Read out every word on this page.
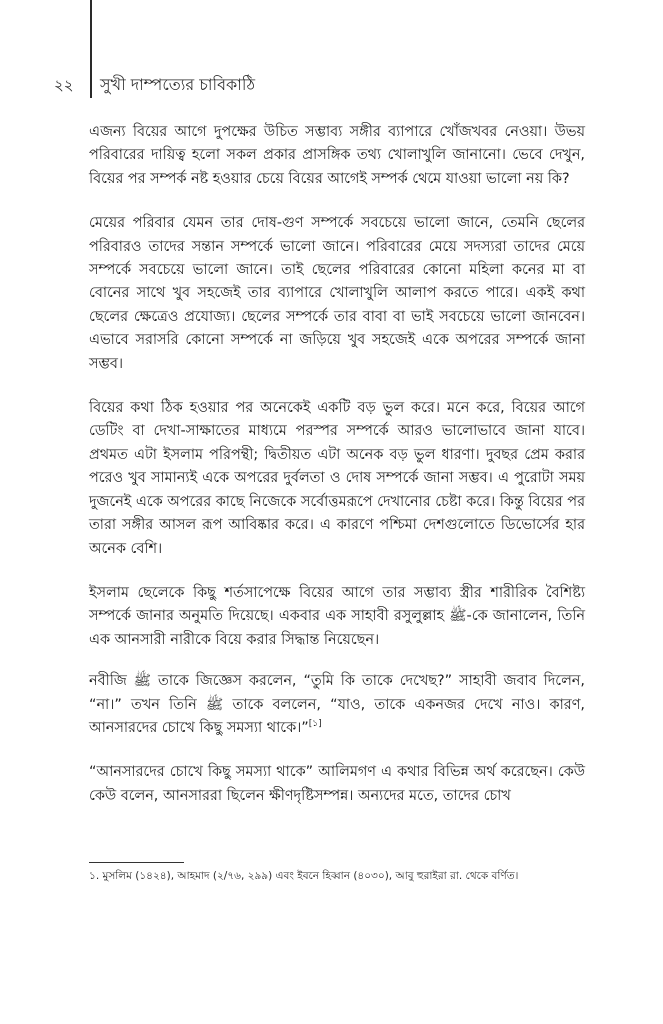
২২ সুখী দাম্পত্যের চাবিকাঠি

এজন্য বিয়ের আগে দুপক্ষের উচিত সম্ভাব্য সঙ্গীর ব্যাপারে খোঁজখবর নেওয়া। উভয় পরিবারের দায়িত্ব হলো সকল প্রকার প্রাসঙ্গিক তথ্য খোলাখুলি জানানো। ভেবে দেখুন, বিয়ের পর সম্পর্ক নষ্ট হওয়ার চেয়ে বিয়ের আগেই সম্পর্ক থেমে যাওয়া ভালো নয় কি?

মেয়ের পরিবার যেমন তার দোষ-গুণ সম্পর্কে সবচেয়ে ভালো জানে, তেমনি ছেলের পরিবারও তাদের সন্তান সম্পর্কে ভালো জানে। পরিবারের মেয়ে সদস্যরা তাদের মেয়ে সম্পর্কে সবচেয়ে ভালো জানে। তাই ছেলের পরিবারের কোনো মহিলা কনের মা বা বোনের সাথে খুব সহজেই তার ব্যাপারে খোলাখুলি আলাপ করতে পারে। একই কথা ছেলের ক্ষেত্রেও প্রযোজ্য। ছেলের সম্পর্কে তার বাবা বা ভাই সবচেয়ে ভালো জানবেন। এভাবে সরাসরি কোনো সম্পর্কে না জড়িয়ে খুব সহজেই একে অপরের সম্পর্কে জানা সম্ভব।

বিয়ের কথা ঠিক হওয়ার পর অনেকেই একটি বড় ভুল করে। মনে করে, বিয়ের আগে ডেটিং বা দেখা-সাক্ষাতের মাধ্যমে পরস্পর সম্পর্কে আরও ভালোভাবে জানা যাবে। প্রথমত এটা ইসলাম পরিপন্থী; দ্বিতীয়ত এটা অনেক বড় ভুল ধারণা। দুবছর প্রেম করার পরেও খুব সামান্যই একে অপরের দুর্বলতা ও দোষ সম্পর্কে জানা সম্ভব। এ পুরোটা সময় দুজনেই একে অপরের কাছে নিজেকে সর্বোত্তমরূপে দেখানোর চেষ্টা করে। কিন্তু বিয়ের পর তারা সঙ্গীর আসল রূপ আবিষ্কার করে। এ কারণে পশ্চিমা দেশগুলোতে ডিভোর্সের হার অনেক বেশি।

ইসলাম ছেলেকে কিছু শর্তসাপেক্ষে বিয়ের আগে তার সম্ভাব্য স্ত্রীর শারীরিক বৈশিষ্ট্য সম্পর্কে জানার অনুমতি দিয়েছে। একবার এক সাহাবী রসুলুল্লাহ ﷺ-কে জানালেন, তিনি এক আনসারী নারীকে বিয়ে করার সিদ্ধান্ত নিয়েছেন।

নবীজি ﷺ তাকে জিজ্ঞেস করলেন, “তুমি কি তাকে দেখেছ?” সাহাবী জবাব দিলেন, “না।” তখন তিনি ﷺ তাকে বললেন, “যাও, তাকে একনজর দেখে নাও। কারণ, আনসারদের চোখে কিছু সমস্যা থাকে।”[১]

“আনসারদের চোখে কিছু সমস্যা থাকে” আলিমগণ এ কথার বিভিন্ন অর্থ করেছেন। কেউ কেউ বলেন, আনসাররা ছিলেন ক্ষীণদৃষ্টিসম্পন্ন। অন্যদের মতে, তাদের চোখ

১. মুসলিম (১৪২৪), আহমাদ (২/৭৬, ২৯৯) এবং ইবনে হিব্বান (৪০৩০), আবু হুরাইরা রা. থেকে বর্ণিত।
